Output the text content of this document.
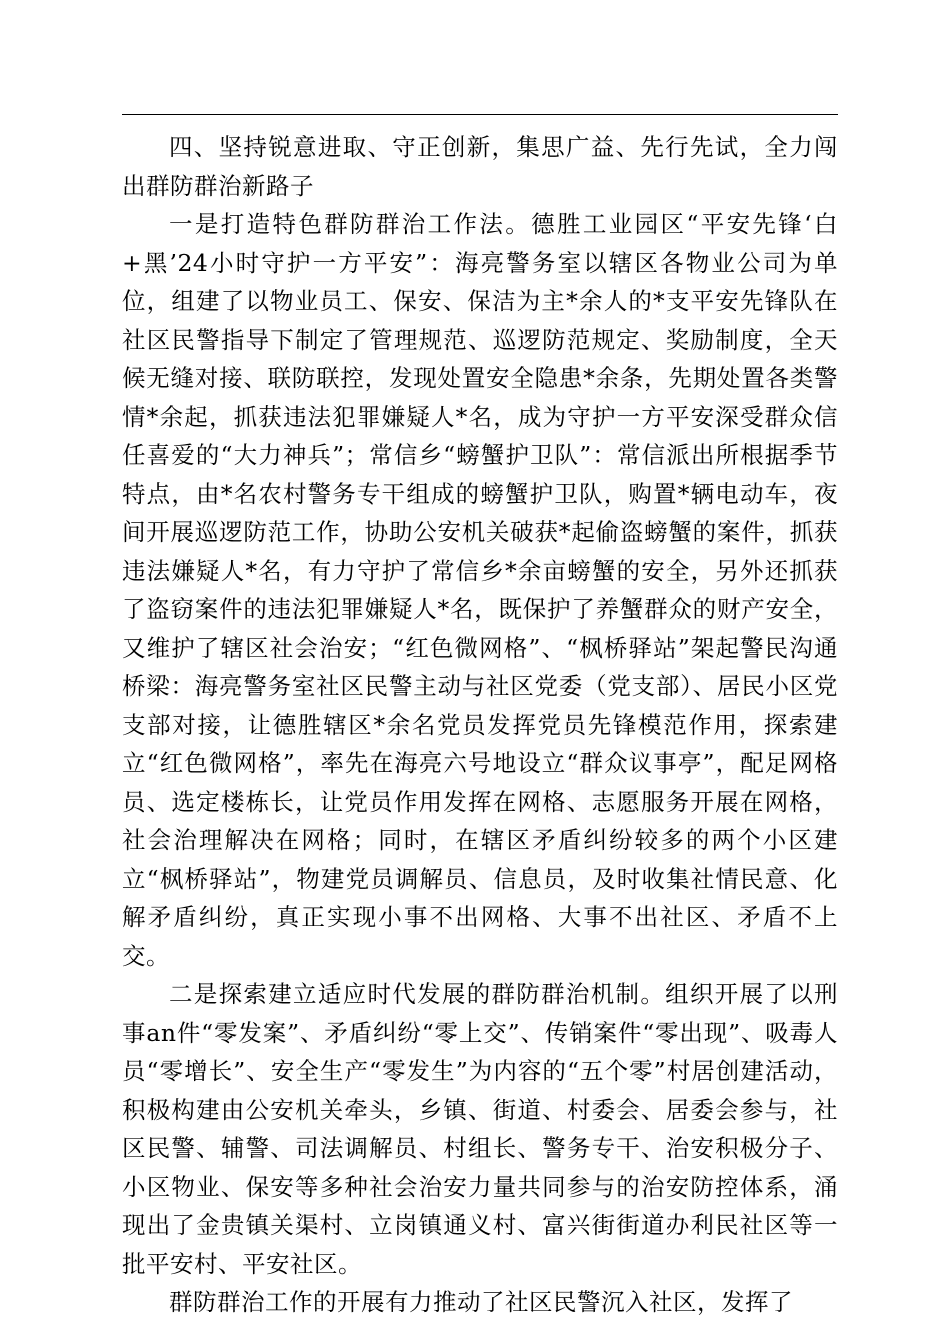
四、坚持锐意进取、守正创新，集思广益、先行先试，全力闯出群防群治新路子

一是打造特色群防群治工作法。德胜工业园区“平安先锋‘白+黑’24小时守护一方平安”：海亮警务室以辖区各物业公司为单位，组建了以物业员工、保安、保洁为主*余人的*支平安先锋队在社区民警指导下制定了管理规范、巡逻防范规定、奖励制度，全天候无缝对接、联防联控，发现处置安全隐患*余条，先期处置各类警情*余起，抓获违法犯罪嫌疑人*名，成为守护一方平安深受群众信任喜爱的“大力神兵”；常信乡“螃蟹护卫队”：常信派出所根据季节特点，由*名农村警务专干组成的螃蟹护卫队，购置*辆电动车，夜间开展巡逻防范工作，协助公安机关破获*起偷盗螃蟹的案件，抓获违法嫌疑人*名，有力守护了常信乡*余亩螃蟹的安全，另外还抓获了盗窃案件的违法犯罪嫌疑人*名，既保护了养蟹群众的财产安全，又维护了辖区社会治安；“红色微网格”、“枫桥驿站”架起警民沟通桥梁：海亮警务室社区民警主动与社区党委（党支部）、居民小区党支部对接，让德胜辖区*余名党员发挥党员先锋模范作用，探索建立“红色微网格”，率先在海亮六号地设立“群众议事亭”，配足网格员、选定楼栋长，让党员作用发挥在网格、志愿服务开展在网格，社会治理解决在网格；同时，在辖区矛盾纠纷较多的两个小区建立“枫桥驿站”，物建党员调解员、信息员，及时收集社情民意、化解矛盾纠纷，真正实现小事不出网格、大事不出社区、矛盾不上交。

二是探索建立适应时代发展的群防群治机制。组织开展了以刑事an件“零发案”、矛盾纠纷“零上交”、传销案件“零出现”、吸毒人员“零增长”、安全生产“零发生”为内容的“五个零”村居创建活动，积极构建由公安机关牵头，乡镇、街道、村委会、居委会参与，社区民警、辅警、司法调解员、村组长、警务专干、治安积极分子、小区物业、保安等多种社会治安力量共同参与的治安防控体系，涌现出了金贵镇关渠村、立岗镇通义村、富兴街街道办利民社区等一批平安村、平安社区。

群防群治工作的开展有力推动了社区民警沉入社区，发挥了
